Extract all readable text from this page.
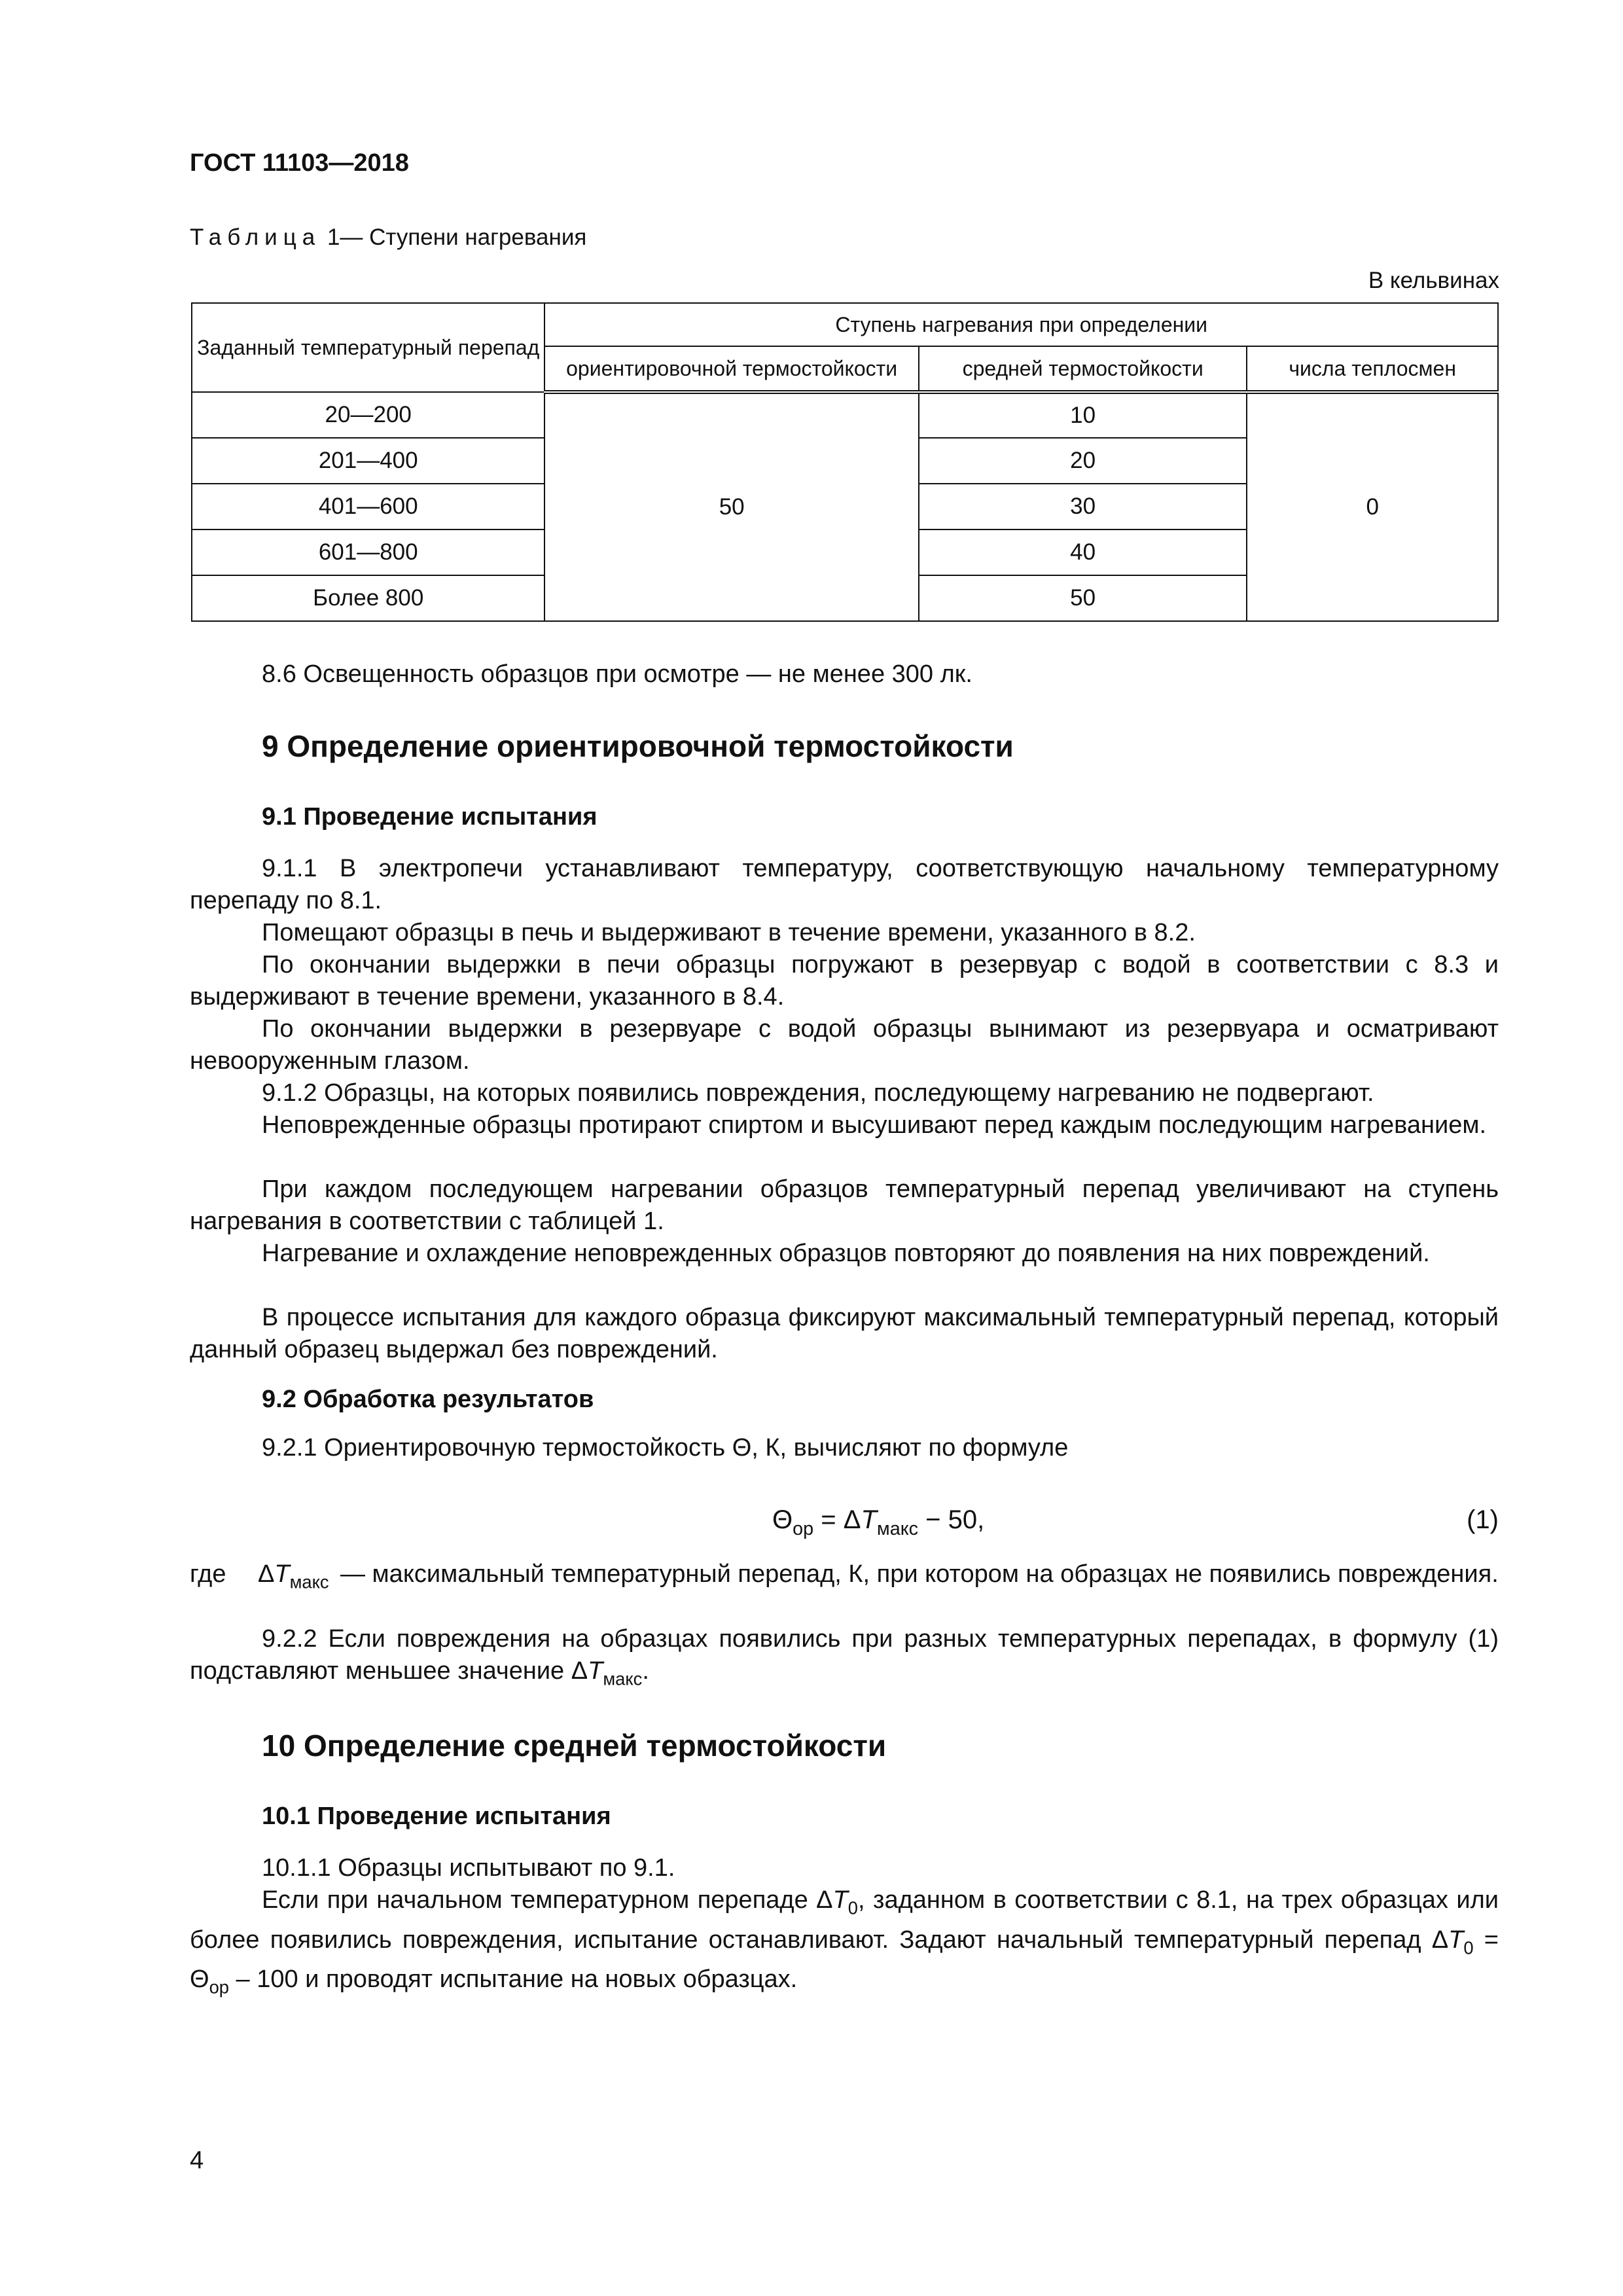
ГОСТ 11103—2018
Таблица 1— Ступени нагревания
В кельвинах
Заданный температурный перепад	Ступень нагревания при определении		
	ориентировочной термостойкости	средней термостойкости	числа теплосмен
20—200	50	10	0
201—400		20	
401—600		30	
601—800		40	
Более 800		50	
8.6 Освещенность образцов при осмотре — не менее 300 лк.
9 Определение ориентировочной термостойкости
9.1 Проведение испытания
9.1.1 В электропечи устанавливают температуру, соответствующую начальному температурному перепаду по 8.1.
Помещают образцы в печь и выдерживают в течение времени, указанного в 8.2.
По окончании выдержки в печи образцы погружают в резервуар с водой в соответствии с 8.3 и выдерживают в течение времени, указанного в 8.4.
По окончании выдержки в резервуаре с водой образцы вынимают из резервуара и осматривают невооруженным глазом.
9.1.2 Образцы, на которых появились повреждения, последующему нагреванию не подвергают.
Неповрежденные образцы протирают спиртом и высушивают перед каждым последующим нагреванием.
При каждом последующем нагревании образцов температурный перепад увеличивают на ступень нагревания в соответствии с таблицей 1.
Нагревание и охлаждение неповрежденных образцов повторяют до появления на них повреждений.
В процессе испытания для каждого образца фиксируют максимальный температурный перепад, который данный образец выдержал без повреждений.
9.2 Обработка результатов
9.2.1 Ориентировочную термостойкость Θ, К, вычисляют по формуле
$\Theta_{ор} = \Delta T_{макс} - 50$,	(1)
где $\Delta T_{макс}$ — максимальный температурный перепад, К, при котором на образцах не появились повреждения.
9.2.2 Если повреждения на образцах появились при разных температурных перепадах, в формулу (1) подставляют меньшее значение $\Delta T_{макс}$.
10 Определение средней термостойкости
10.1 Проведение испытания
10.1.1 Образцы испытывают по 9.1.
Если при начальном температурном перепаде $\Delta T_0$, заданном в соответствии с 8.1, на трех образцах или более появились повреждения, испытание останавливают. Задают начальный температурный перепад $\Delta T_0 = \Theta_{ор} - 100$ и проводят испытание на новых образцах.
4
